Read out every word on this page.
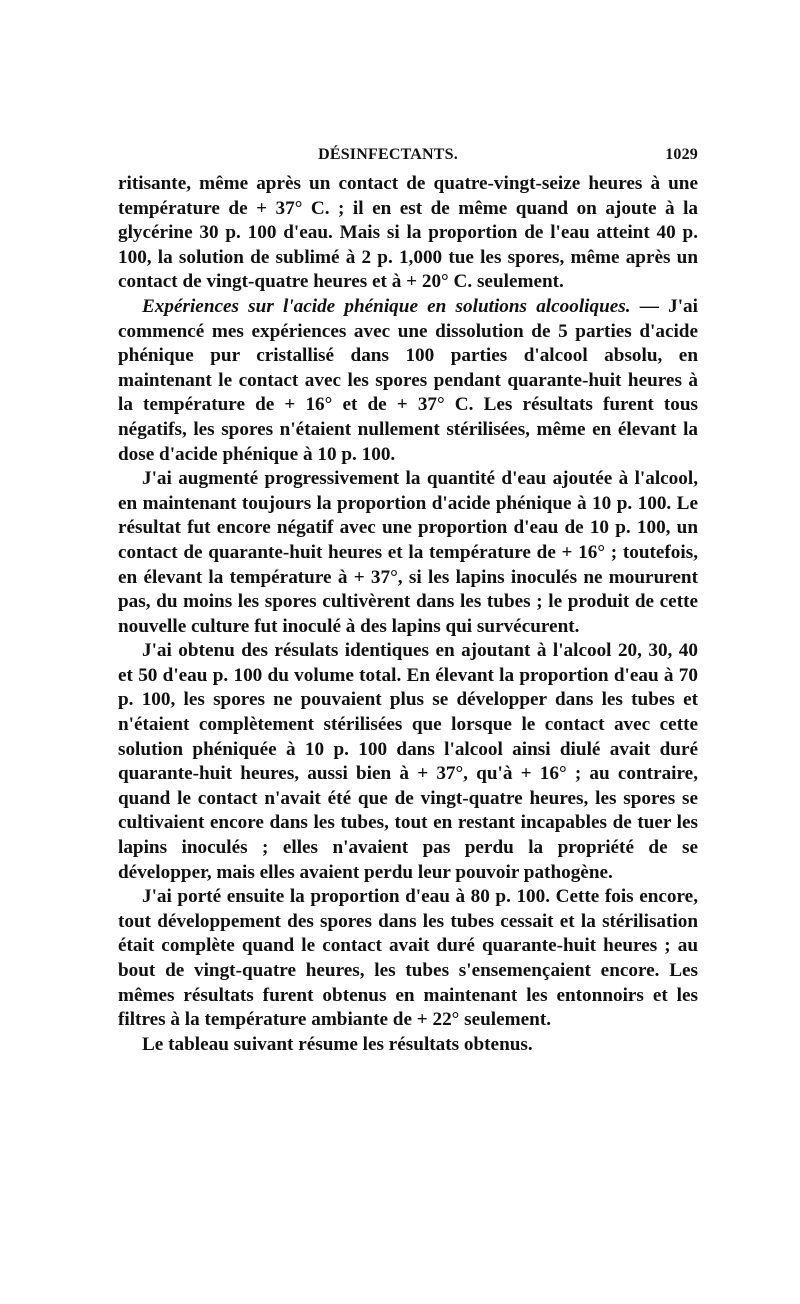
DÉSINFECTANTS.	1029

ritisante, même après un contact de quatre-vingt-seize heures à une température de + 37° C. ; il en est de même quand on ajoute à la glycérine 30 p. 100 d'eau. Mais si la proportion de l'eau atteint 40 p. 100, la solution de sublimé à 2 p. 1,000 tue les spores, même après un contact de vingt-quatre heures et à + 20° C. seulement.

Expériences sur l'acide phénique en solutions alcooliques. — J'ai commencé mes expériences avec une dissolution de 5 parties d'acide phénique pur cristallisé dans 100 parties d'alcool absolu, en maintenant le contact avec les spores pendant quarante-huit heures à la température de + 16° et de + 37° C. Les résultats furent tous négatifs, les spores n'étaient nullement stérilisées, même en élevant la dose d'acide phénique à 10 p. 100.

J'ai augmenté progressivement la quantité d'eau ajoutée à l'alcool, en maintenant toujours la proportion d'acide phénique à 10 p. 100. Le résultat fut encore négatif avec une proportion d'eau de 10 p. 100, un contact de quarante-huit heures et la température de + 16° ; toutefois, en élevant la température à + 37°, si les lapins inoculés ne moururent pas, du moins les spores cultivèrent dans les tubes ; le produit de cette nouvelle culture fut inoculé à des lapins qui survécurent.

J'ai obtenu des résulats identiques en ajoutant à l'alcool 20, 30, 40 et 50 d'eau p. 100 du volume total. En élevant la proportion d'eau à 70 p. 100, les spores ne pouvaient plus se développer dans les tubes et n'étaient complètement stérilisées que lorsque le contact avec cette solution phéniquée à 10 p. 100 dans l'alcool ainsi diulé avait duré quarante-huit heures, aussi bien à + 37°, qu'à + 16° ; au contraire, quand le contact n'avait été que de vingt-quatre heures, les spores se cultivaient encore dans les tubes, tout en restant incapables de tuer les lapins inoculés ; elles n'avaient pas perdu la propriété de se développer, mais elles avaient perdu leur pouvoir pathogène.

J'ai porté ensuite la proportion d'eau à 80 p. 100. Cette fois encore, tout développement des spores dans les tubes cessait et la stérilisation était complète quand le contact avait duré quarante-huit heures ; au bout de vingt-quatre heures, les tubes s'ensemençaient encore. Les mêmes résultats furent obtenus en maintenant les entonnoirs et les filtres à la température ambiante de + 22° seulement.

Le tableau suivant résume les résultats obtenus.
